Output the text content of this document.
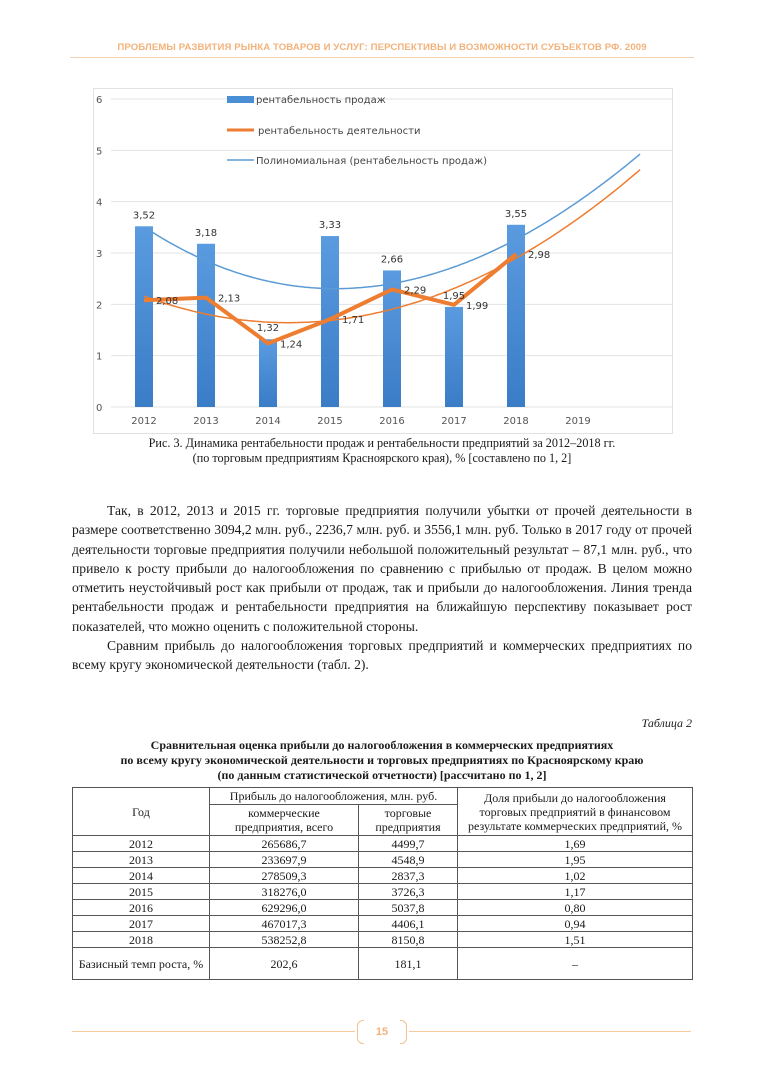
ПРОБЛЕМЫ РАЗВИТИЯ РЫНКА ТОВАРОВ И УСЛУГ: ПЕРСПЕКТИВЫ И ВОЗМОЖНОСТИ СУБЪЕКТОВ РФ. 2009
0
1
2
3
4
5
6
2012	2013	2014	2015	2016	2017	2018	2019
3,52
3,18
1,32
3,33
2,66
1,95
3,55
2,08	2,13
1,24
1,71
2,29
1,99
2,98
рентабельность продаж
рентабельность деятельности
Полиномиальная (рентабельность продаж)
Рис. 3. Динамика рентабельности продаж и рентабельности предприятий за 2012–2018 гг.
(по торговым предприятиям Красноярского края), % [составлено по 1, 2]

Так, в 2012, 2013 и 2015 гг. торговые предприятия получили убытки от прочей деятельности в размере соответственно 3094,2 млн. руб., 2236,7 млн. руб. и 3556,1 млн. руб. Только в 2017 году от прочей деятельности торговые предприятия получили небольшой положительный результат – 87,1 млн. руб., что привело к росту прибыли до налогообложения по сравнению с прибылью от продаж. В целом можно отметить неустойчивый рост как прибыли от продаж, так и прибыли до налогообложения. Линия тренда рентабельности продаж и рентабельности предприятия на ближайшую перспективу показывает рост показателей, что можно оценить с положительной стороны.

Сравним прибыль до налогообложения торговых предприятий и коммерческих предприятиях по всему кругу экономической деятельности (табл. 2).

Таблица 2
Сравнительная оценка прибыли до налогообложения в коммерческих предприятиях
по всему кругу экономической деятельности и торговых предприятиях по Красноярскому краю
(по данным статистической отчетности) [рассчитано по 1, 2]
Год	Прибыль до налогообложения, млн. руб.		Доля прибыли до налогообложения торговых предприятий в финансовом результате коммерческих предприятий, %
	коммерческие предприятия, всего	торговые предприятия	
2012	265686,7	4499,7	1,69
2013	233697,9	4548,9	1,95
2014	278509,3	2837,3	1,02
2015	318276,0	3726,3	1,17
2016	629296,0	5037,8	0,80
2017	467017,3	4406,1	0,94
2018	538252,8	8150,8	1,51
Базисный темп роста, %	202,6	181,1	–
15
